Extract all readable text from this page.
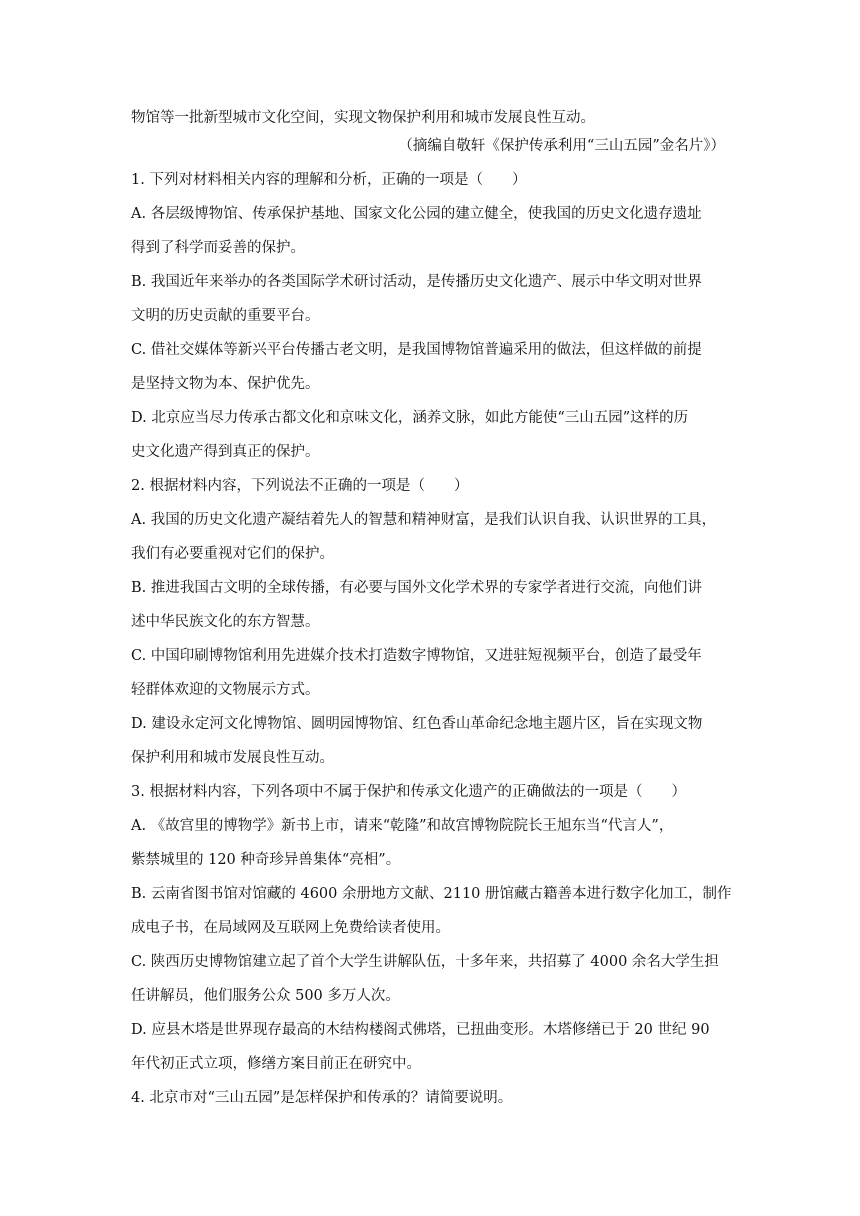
物馆等一批新型城市文化空间，实现文物保护利用和城市发展良性互动。
（摘编自敬轩《保护传承利用“三山五园”金名片》）
1. 下列对材料相关内容的理解和分析，正确的一项是（　　）
A. 各层级博物馆、传承保护基地、国家文化公园的建立健全，使我国的历史文化遗存遗址
得到了科学而妥善的保护。
B. 我国近年来举办的各类国际学术研讨活动，是传播历史文化遗产、展示中华文明对世界
文明的历史贡献的重要平台。
C. 借社交媒体等新兴平台传播古老文明，是我国博物馆普遍采用的做法，但这样做的前提
是坚持文物为本、保护优先。
D. 北京应当尽力传承古都文化和京味文化，涵养文脉，如此方能使“三山五园”这样的历
史文化遗产得到真正的保护。
2. 根据材料内容，下列说法不正确的一项是（　　）
A. 我国的历史文化遗产凝结着先人的智慧和精神财富，是我们认识自我、认识世界的工具，
我们有必要重视对它们的保护。
B. 推进我国古文明的全球传播，有必要与国外文化学术界的专家学者进行交流，向他们讲
述中华民族文化的东方智慧。
C. 中国印刷博物馆利用先进媒介技术打造数字博物馆，又进驻短视频平台，创造了最受年
轻群体欢迎的文物展示方式。
D. 建设永定河文化博物馆、圆明园博物馆、红色香山革命纪念地主题片区，旨在实现文物
保护利用和城市发展良性互动。
3. 根据材料内容，下列各项中不属于保护和传承文化遗产的正确做法的一项是（　　）
A. 《故宫里的博物学》新书上市，请来“乾隆”和故宫博物院院长王旭东当“代言人”，
紫禁城里的 120 种奇珍异兽集体“亮相”。
B. 云南省图书馆对馆藏的 4600 余册地方文献、2110 册馆藏古籍善本进行数字化加工，制作
成电子书，在局域网及互联网上免费给读者使用。
C. 陕西历史博物馆建立起了首个大学生讲解队伍，十多年来，共招募了 4000 余名大学生担
任讲解员，他们服务公众 500 多万人次。
D. 应县木塔是世界现存最高的木结构楼阁式佛塔，已扭曲变形。木塔修缮已于 20 世纪 90
年代初正式立项，修缮方案目前正在研究中。
4. 北京市对“三山五园”是怎样保护和传承的？请简要说明。
